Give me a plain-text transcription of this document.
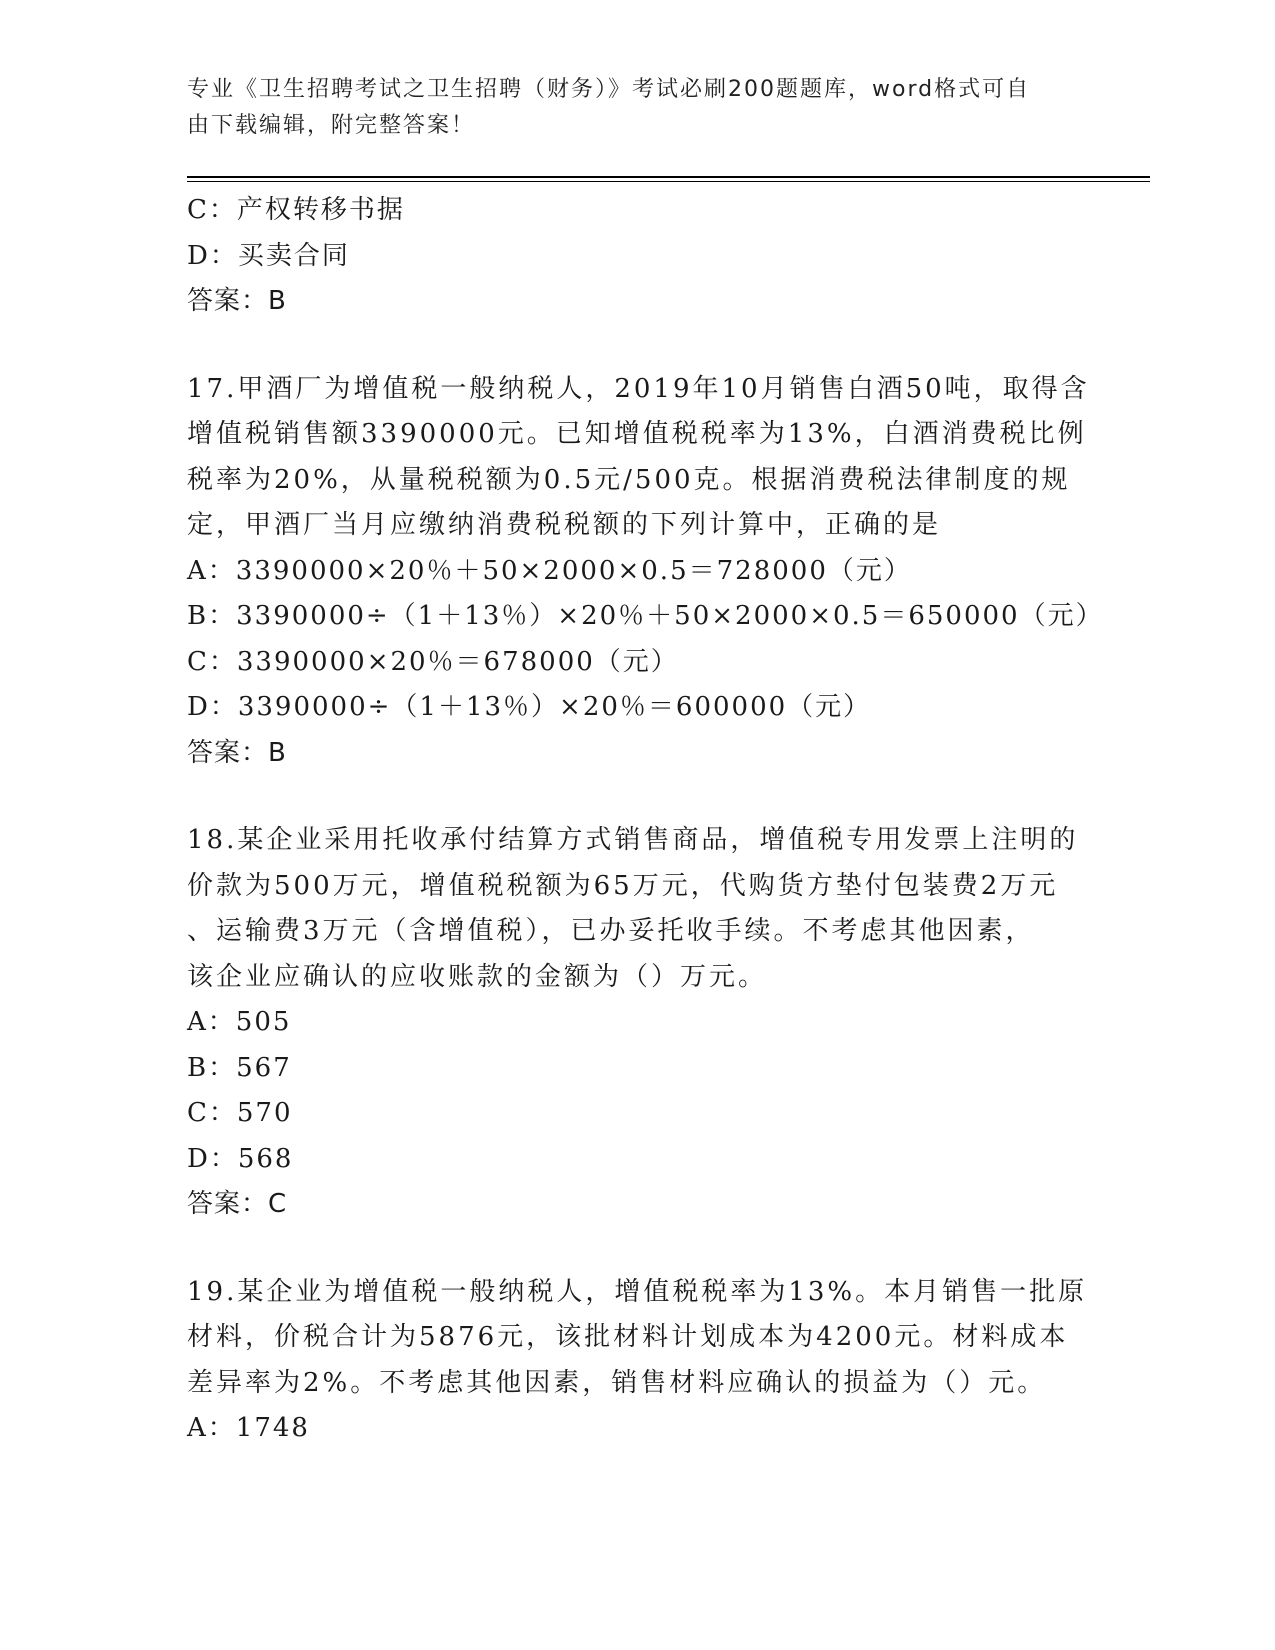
专业《卫生招聘考试之卫生招聘（财务）》考试必刷200题题库，word格式可自
由下载编辑，附完整答案！
C：产权转移书据
D：买卖合同
答案：B
17.甲酒厂为增值税一般纳税人，2019年10月销售白酒50吨，取得含
增值税销售额3390000元。已知增值税税率为13%，白酒消费税比例
税率为20%，从量税税额为0.5元/500克。根据消费税法律制度的规
定，甲酒厂当月应缴纳消费税税额的下列计算中，正确的是
A：3390000×20％＋50×2000×0.5＝728000（元）
B：3390000÷（1＋13％）×20％＋50×2000×0.5＝650000（元）
C：3390000×20％＝678000（元）
D：3390000÷（1＋13％）×20％＝600000（元）
答案：B
18.某企业采用托收承付结算方式销售商品，增值税专用发票上注明的
价款为500万元，增值税税额为65万元，代购货方垫付包装费2万元
、运输费3万元（含增值税），已办妥托收手续。不考虑其他因素，
该企业应确认的应收账款的金额为（）万元。
A：505
B：567
C：570
D：568
答案：C
19.某企业为增值税一般纳税人，增值税税率为13%。本月销售一批原
材料，价税合计为5876元，该批材料计划成本为4200元。材料成本
差异率为2%。不考虑其他因素，销售材料应确认的损益为（）元。
A：1748
